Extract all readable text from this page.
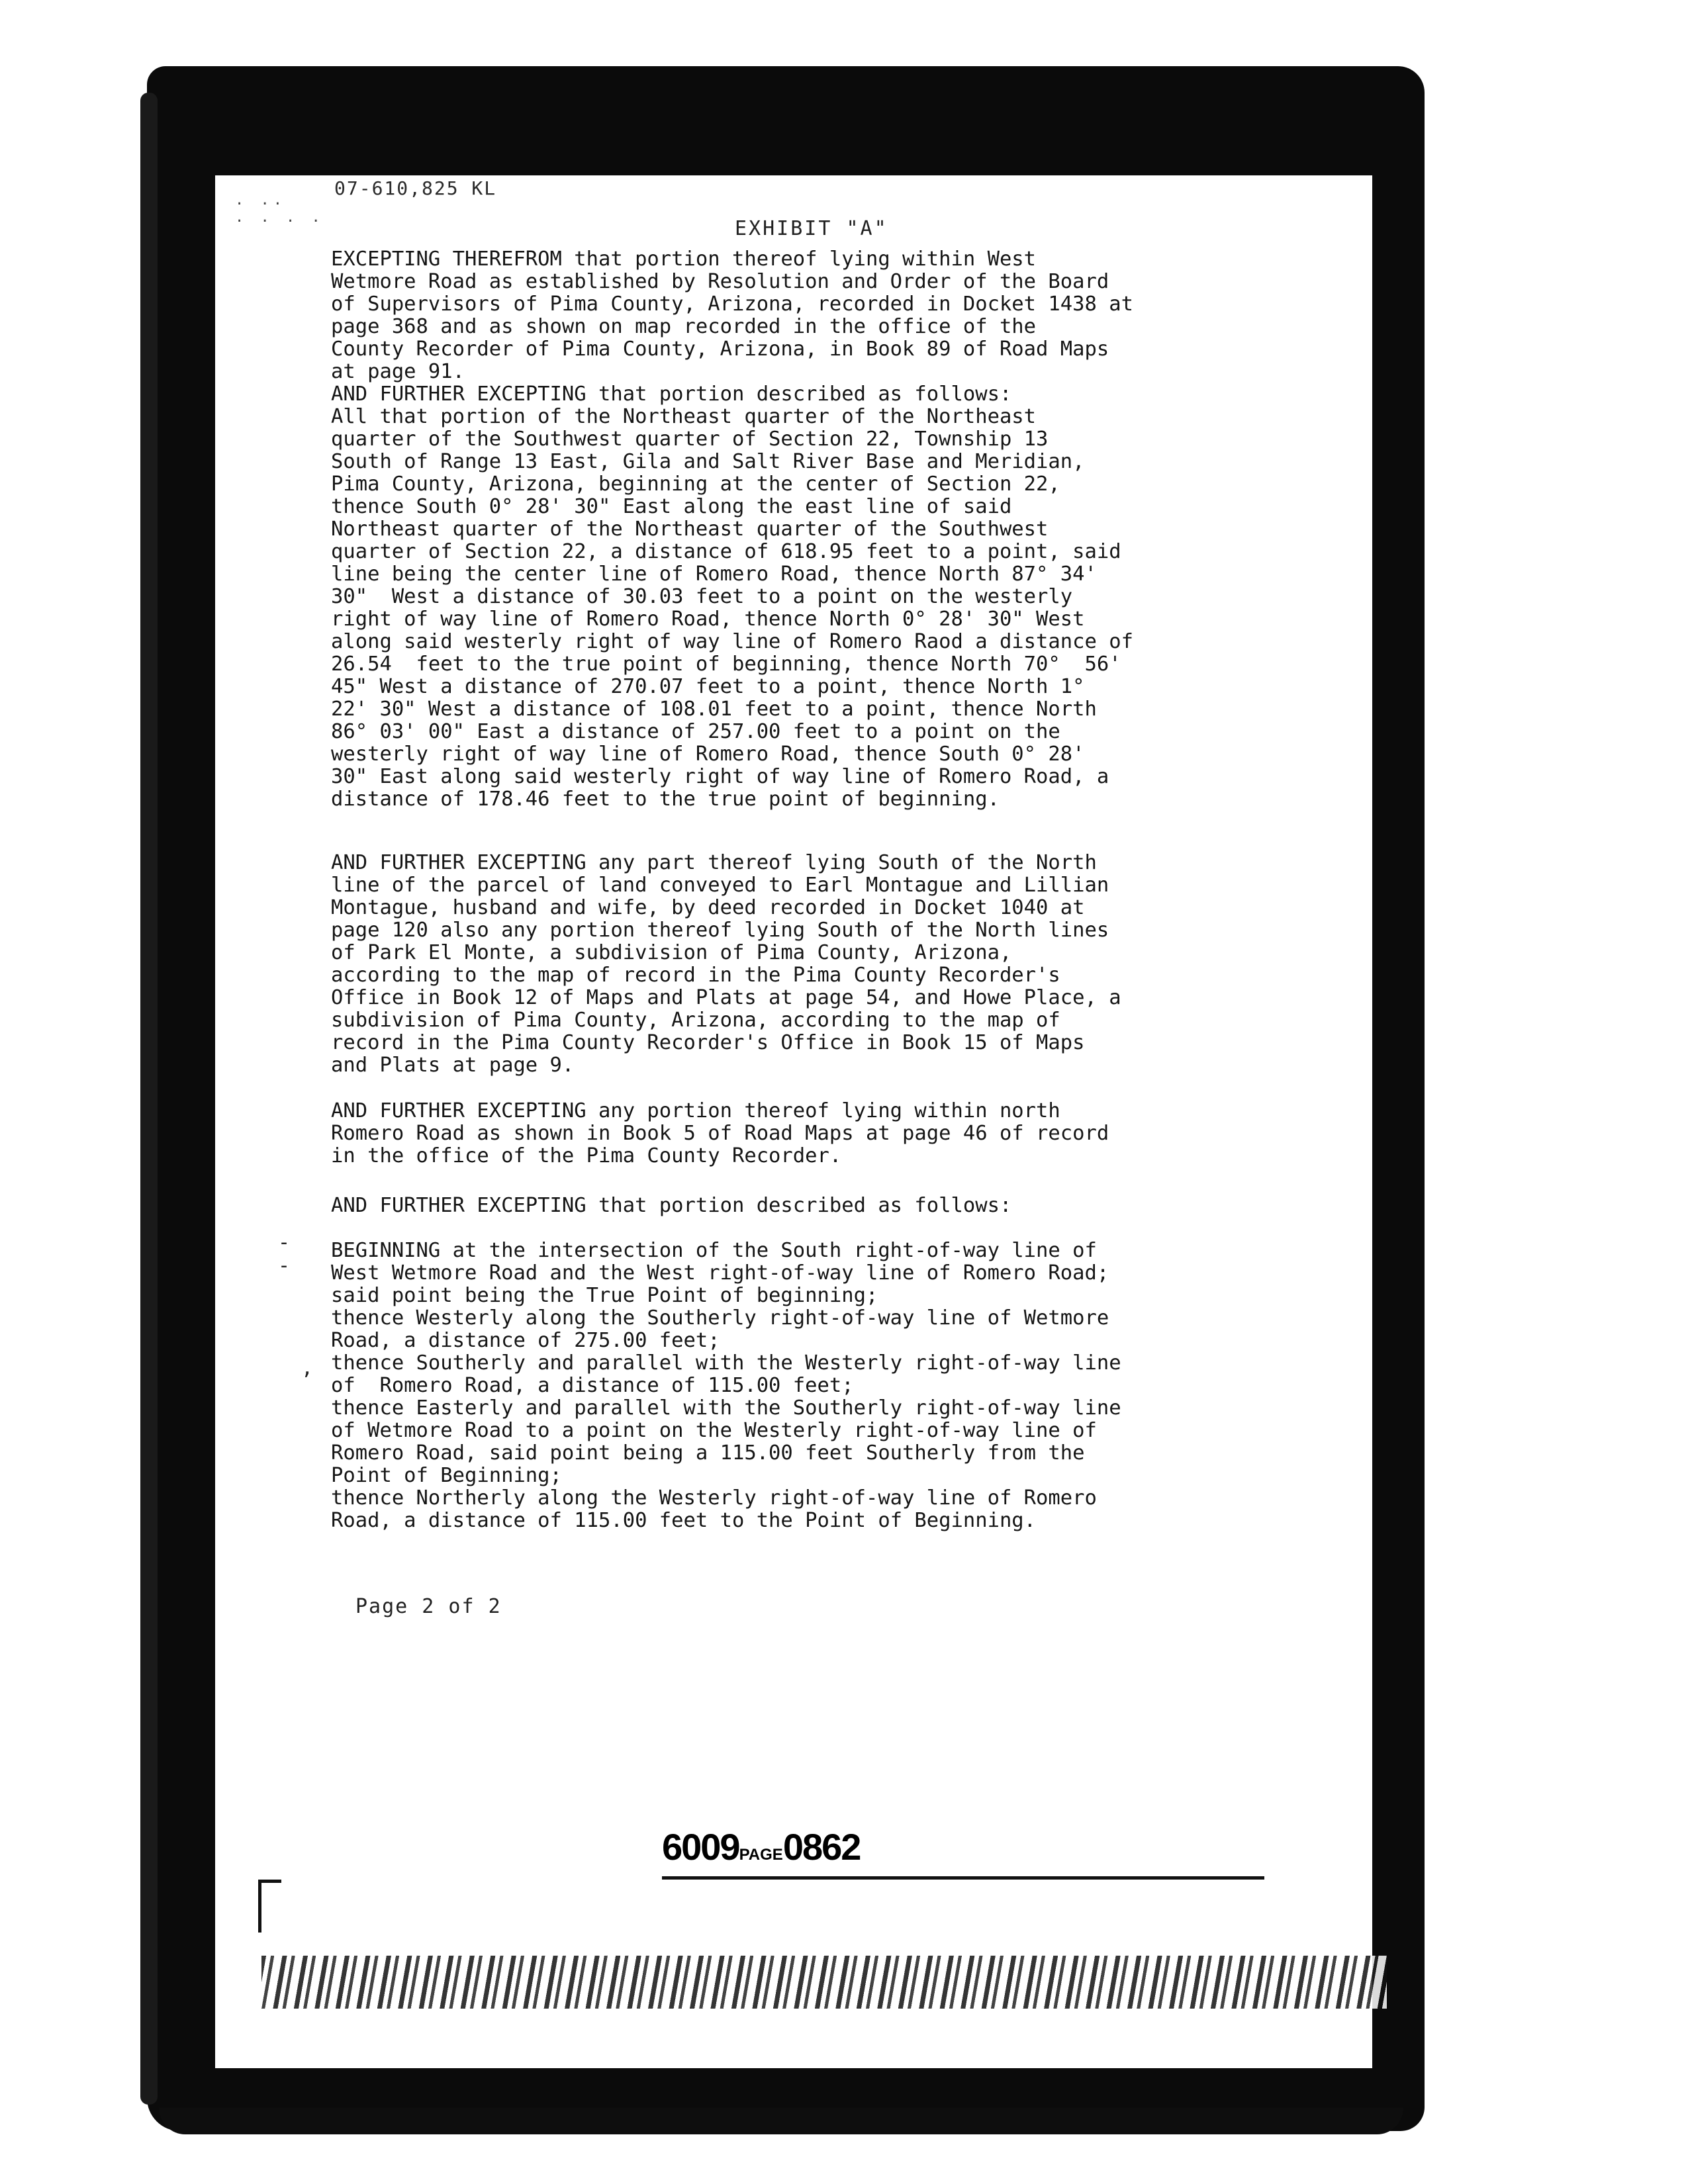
. ..
. . . .
07-610,825 KL
EXHIBIT "A"
EXCEPTING THEREFROM that portion thereof lying within West
Wetmore Road as established by Resolution and Order of the Board
of Supervisors of Pima County, Arizona, recorded in Docket 1438 at
page 368 and as shown on map recorded in the office of the
County Recorder of Pima County, Arizona, in Book 89 of Road Maps
at page 91.
AND FURTHER EXCEPTING that portion described as follows:
All that portion of the Northeast quarter of the Northeast
quarter of the Southwest quarter of Section 22, Township 13
South of Range 13 East, Gila and Salt River Base and Meridian,
Pima County, Arizona, beginning at the center of Section 22,
thence South 0° 28' 30" East along the east line of said
Northeast quarter of the Northeast quarter of the Southwest
quarter of Section 22, a distance of 618.95 feet to a point, said
line being the center line of Romero Road, thence North 87° 34'
30"  West a distance of 30.03 feet to a point on the westerly
right of way line of Romero Road, thence North 0° 28' 30" West
along said westerly right of way line of Romero Raod a distance of
26.54  feet to the true point of beginning, thence North 70°  56'
45" West a distance of 270.07 feet to a point, thence North 1°
22' 30" West a distance of 108.01 feet to a point, thence North
86° 03' 00" East a distance of 257.00 feet to a point on the
westerly right of way line of Romero Road, thence South 0° 28'
30" East along said westerly right of way line of Romero Road, a
distance of 178.46 feet to the true point of beginning.
AND FURTHER EXCEPTING any part thereof lying South of the North
line of the parcel of land conveyed to Earl Montague and Lillian
Montague, husband and wife, by deed recorded in Docket 1040 at
page 120 also any portion thereof lying South of the North lines
of Park El Monte, a subdivision of Pima County, Arizona,
according to the map of record in the Pima County Recorder's
Office in Book 12 of Maps and Plats at page 54, and Howe Place, a
subdivision of Pima County, Arizona, according to the map of
record in the Pima County Recorder's Office in Book 15 of Maps
and Plats at page 9.
AND FURTHER EXCEPTING any portion thereof lying within north
Romero Road as shown in Book 5 of Road Maps at page 46 of record
in the office of the Pima County Recorder.
AND FURTHER EXCEPTING that portion described as follows:
BEGINNING at the intersection of the South right-of-way line of
West Wetmore Road and the West right-of-way line of Romero Road;
said point being the True Point of beginning;
thence Westerly along the Southerly right-of-way line of Wetmore
Road, a distance of 275.00 feet;
thence Southerly and parallel with the Westerly right-of-way line
of  Romero Road, a distance of 115.00 feet;
thence Easterly and parallel with the Southerly right-of-way line
of Wetmore Road to a point on the Westerly right-of-way line of
Romero Road, said point being a 115.00 feet Southerly from the
Point of Beginning;
thence Northerly along the Westerly right-of-way line of Romero
Road, a distance of 115.00 feet to the Point of Beginning.
-
-
,
Page 2 of 2
6009PAGE0862
